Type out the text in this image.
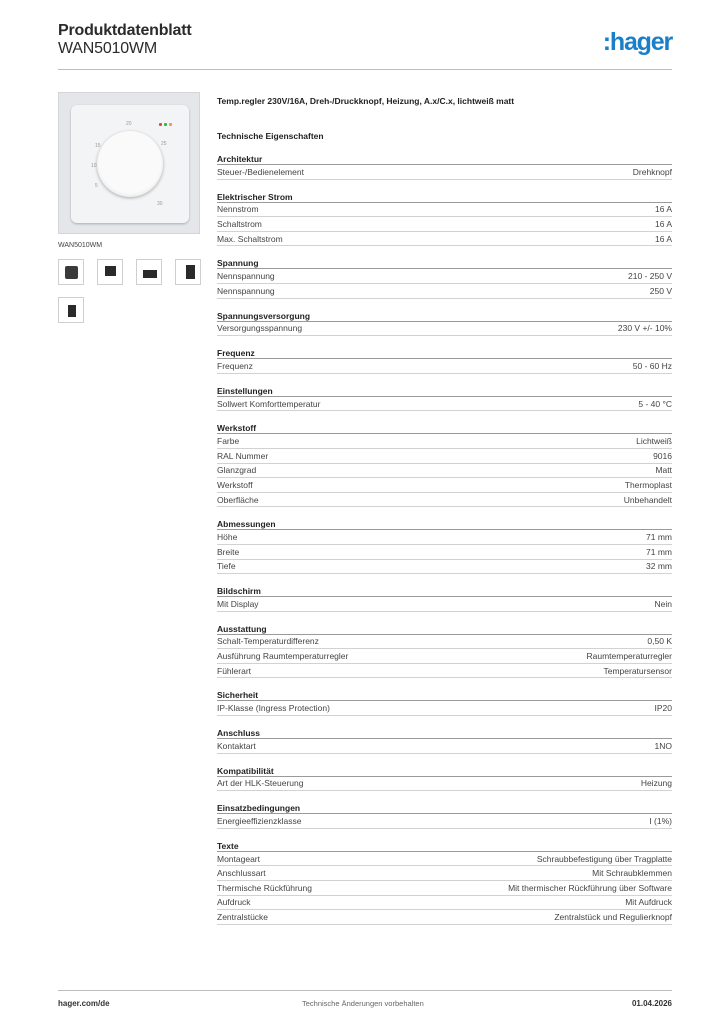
Produktdatenblatt
WAN5010WM	:hager
5
10
15
20
25
30
WAN5010WM
Temp.regler 230V/16A, Dreh-/Druckknopf, Heizung, A.x/C.x, lichtweiß matt
Technische Eigenschaften
Architektur
Steuer-/Bedienelement	Drehknopf
Elektrischer Strom
Nennstrom	16 A
Schaltstrom	16 A
Max. Schaltstrom	16 A
Spannung
Nennspannung	210 - 250 V
Nennspannung	250 V
Spannungsversorgung
Versorgungsspannung	230 V +/- 10%
Frequenz
Frequenz	50 - 60 Hz
Einstellungen
Sollwert Komforttemperatur	5 - 40 °C
Werkstoff
Farbe	Lichtweiß
RAL Nummer	9016
Glanzgrad	Matt
Werkstoff	Thermoplast
Oberfläche	Unbehandelt
Abmessungen
Höhe	71 mm
Breite	71 mm
Tiefe	32 mm
Bildschirm
Mit Display	Nein
Ausstattung
Schalt-Temperaturdifferenz	0,50 K
Ausführung Raumtemperaturregler	Raumtemperaturregler
Fühlerart	Temperatursensor
Sicherheit
IP-Klasse (Ingress Protection)	IP20
Anschluss
Kontaktart	1NO
Kompatibilität
Art der HLK-Steuerung	Heizung
Einsatzbedingungen
Energieeffizienzklasse	I (1%)
Texte
Montageart	Schraubbefestigung über Tragplatte
Anschlussart	Mit Schraubklemmen
Thermische Rückführung	Mit thermischer Rückführung über Software
Aufdruck	Mit Aufdruck
Zentralstücke	Zentralstück und Regulierknopf
hager.com/de	Technische Änderungen vorbehalten	01.04.2026
